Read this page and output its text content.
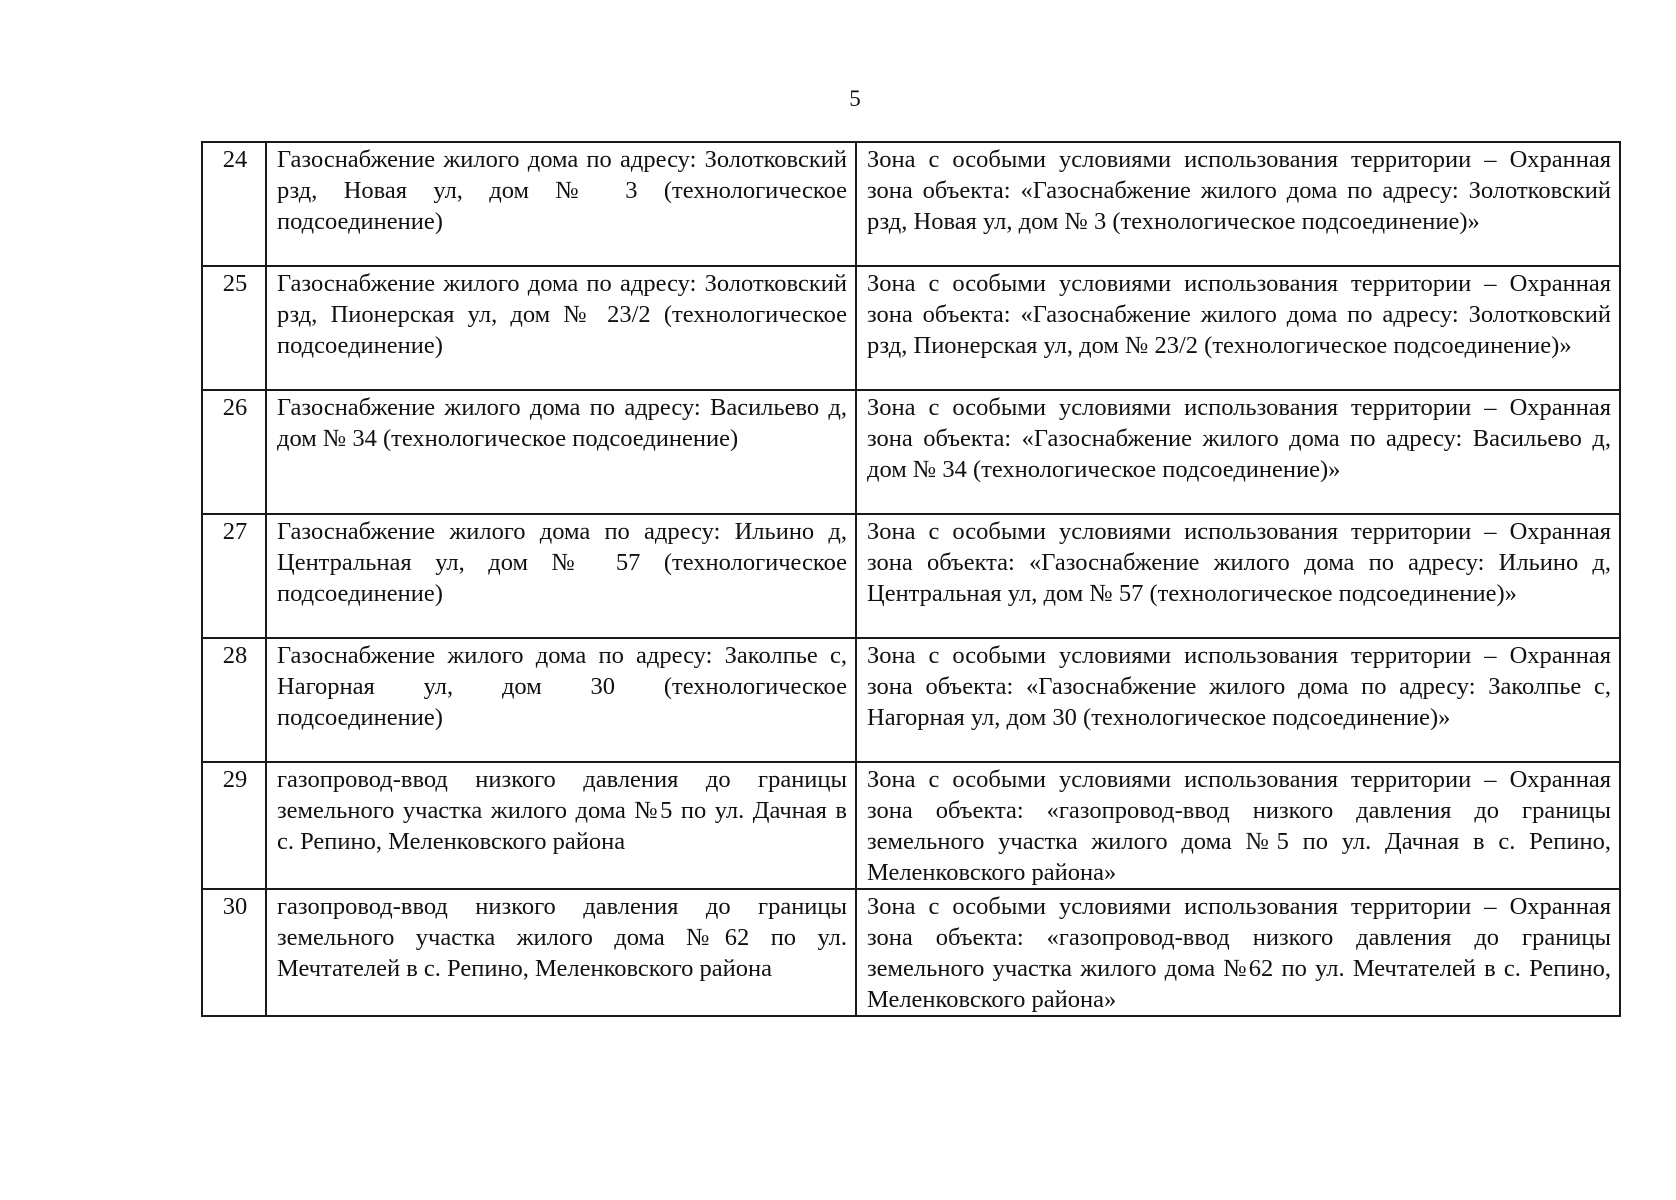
5
24	Газоснабжение жилого дома по адресу: Золотковский рзд, Новая ул, дом № 3 (технологическое подсоединение)	Зона с особыми условиями использования территории – Охранная зона объекта: «Газоснабжение жилого дома по адресу: Золотковский рзд, Новая ул, дом № 3 (технологическое подсоединение)»
25	Газоснабжение жилого дома по адресу: Золотковский рзд, Пионерская ул, дом № 23/2 (технологическое подсоединение)	Зона с особыми условиями использования территории – Охранная зона объекта: «Газоснабжение жилого дома по адресу: Золотковский рзд, Пионерская ул, дом № 23/2 (технологическое подсоединение)»
26	Газоснабжение жилого дома по адресу: Васильево д, дом № 34 (технологическое подсоединение)	Зона с особыми условиями использования территории – Охранная зона объекта: «Газоснабжение жилого дома по адресу: Васильево д, дом № 34 (технологическое подсоединение)»
27	Газоснабжение жилого дома по адресу: Ильино д, Центральная ул, дом № 57 (технологическое подсоединение)	Зона с особыми условиями использования территории – Охранная зона объекта: «Газоснабжение жилого дома по адресу: Ильино д, Центральная ул, дом № 57 (технологическое подсоединение)»
28	Газоснабжение жилого дома по адресу: Заколпье с, Нагорная ул, дом 30 (технологическое подсоединение)	Зона с особыми условиями использования территории – Охранная зона объекта: «Газоснабжение жилого дома по адресу: Заколпье с, Нагорная ул, дом 30 (технологическое подсоединение)»
29	газопровод-ввод низкого давления до границы земельного участка жилого дома №5 по ул. Дачная в с. Репино, Меленковского района	Зона с особыми условиями использования территории – Охранная зона объекта: «газопровод-ввод низкого давления до границы земельного участка жилого дома №5 по ул. Дачная в с. Репино, Меленковского района»
30	газопровод-ввод низкого давления до границы земельного участка жилого дома №62 по ул. Мечтателей в с. Репино, Меленковского района	Зона с особыми условиями использования территории – Охранная зона объекта: «газопровод-ввод низкого давления до границы земельного участка жилого дома №62 по ул. Мечтателей в с. Репино, Меленковского района»
